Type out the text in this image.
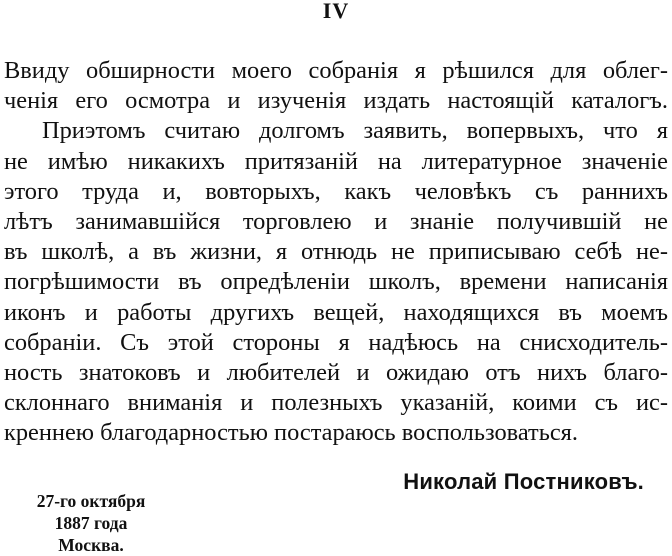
IV
Ввиду обширности моего собранія я рѣшился для облег-
ченія его осмотра и изученія издать настоящій каталогъ.
Приэтомъ считаю долгомъ заявить, вопервыхъ, что я
не имѣю никакихъ притязаній на литературное значеніе
этого труда и, вовторыхъ, какъ человѣкъ съ раннихъ
лѣтъ занимавшійся торговлею и знаніе получившій не
въ школѣ, а въ жизни, я отнюдь не приписываю себѣ не-
погрѣшимости въ опредѣленіи школъ, времени написанія
иконъ и работы другихъ вещей, находящихся въ моемъ
собраніи. Съ этой стороны я надѣюсь на снисходитель-
ность знатоковъ и любителей и ожидаю отъ нихъ благо-
склоннаго вниманія и полезныхъ указаній, коими съ ис-
креннею благодарностью постараюсь воспользоваться.
Николай Постниковъ.
27-го октября
1887 года
Москва.
